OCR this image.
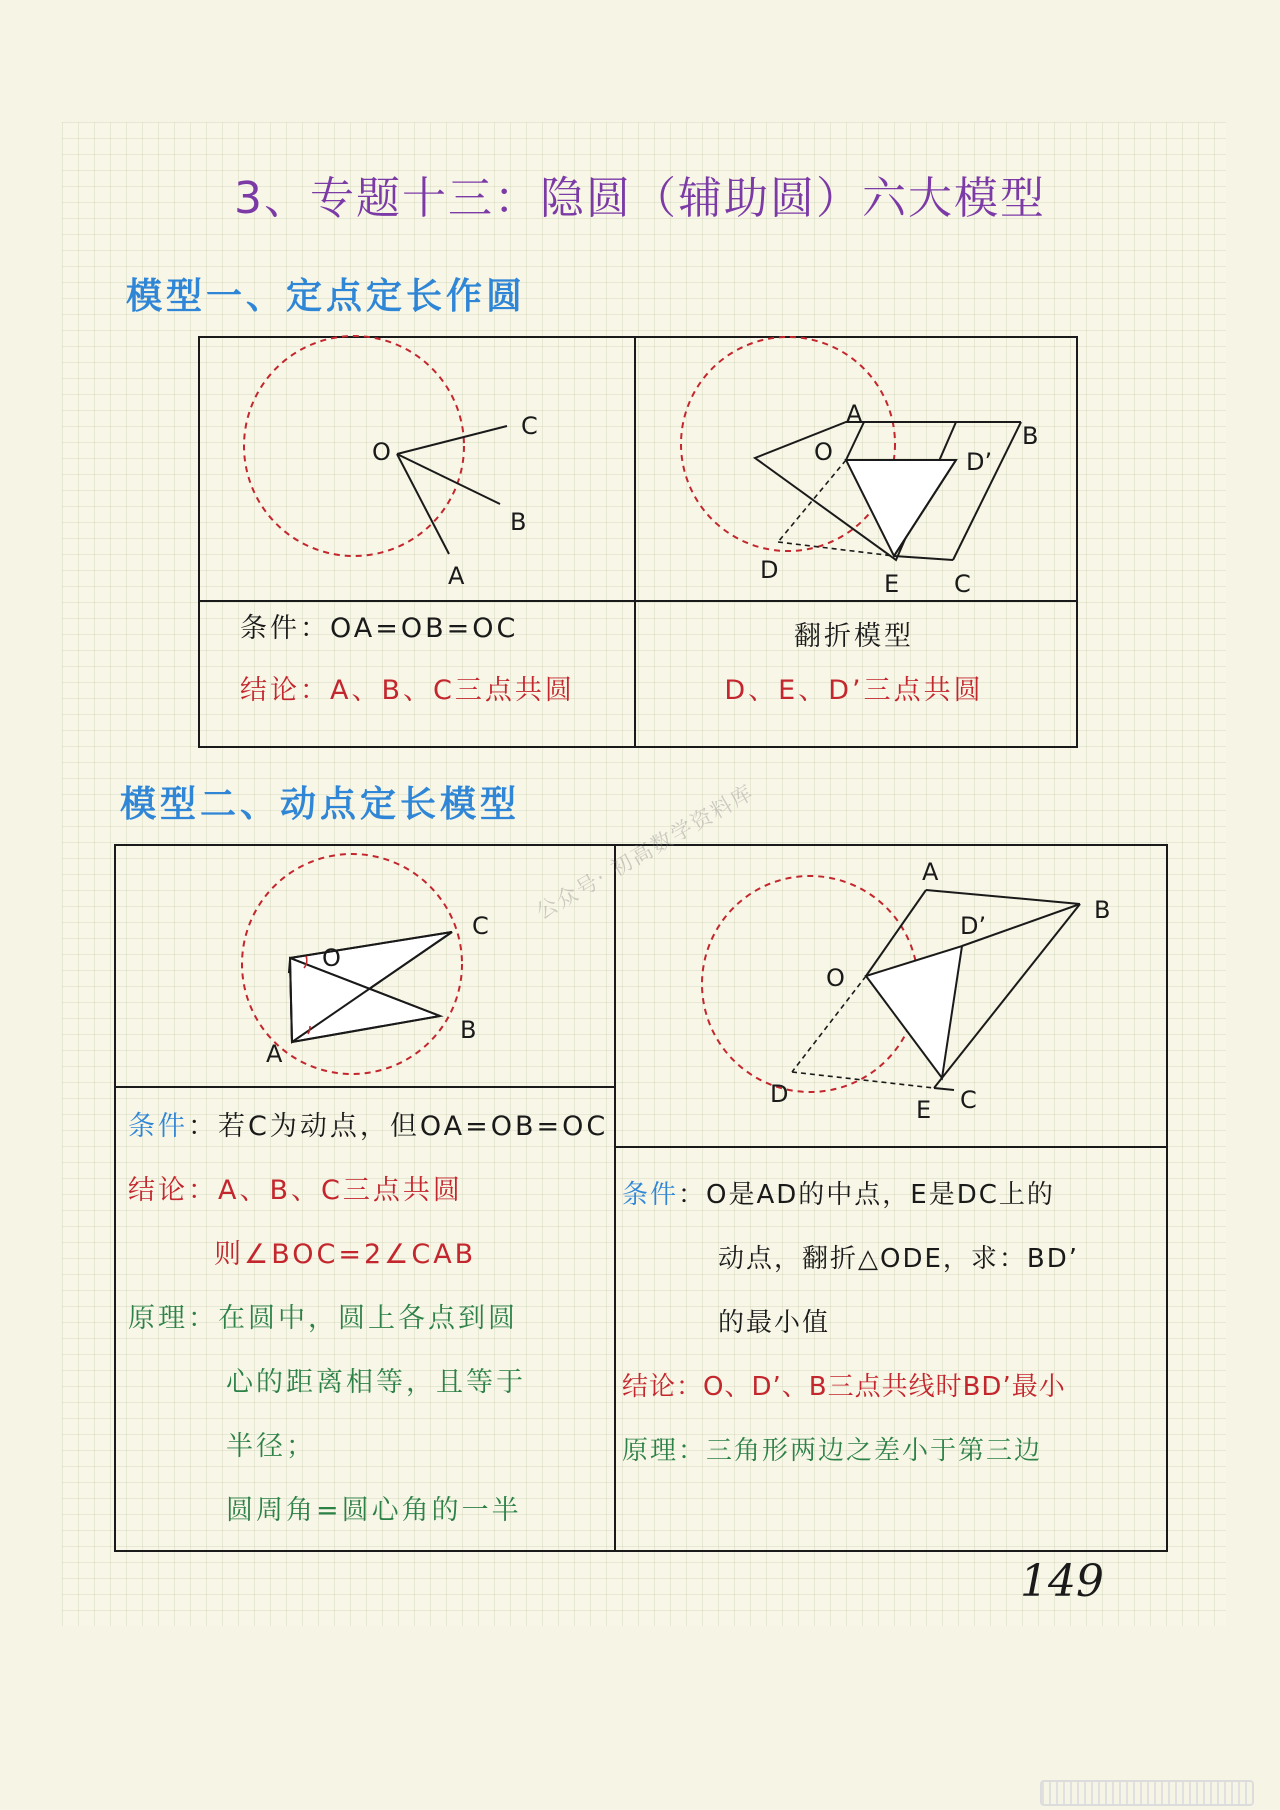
3、专题十三：隐圆（辅助圆）六大模型
模型一、定点定长作圆
O
C
B
A
A
B
O	D’
D	E C
条件：OA=OB=OC
结论：A、B、C三点共圆
翻折模型
D、E、D’三点共圆
模型二、动点定长模型
O
C
B
A
A
B
D’
O
D
E C
条件：若C为动点，但OA=OB=OC
结论：A、B、C三点共圆
则∠BOC=2∠CAB
原理：在圆中，圆上各点到圆
心的距离相等，且等于
半径；
圆周角=圆心角的一半
条件：O是AD的中点，E是DC上的
动点，翻折△ODE，求：BD’
的最小值
结论：O、D’、B三点共线时BD’最小
原理：三角形两边之差小于第三边
公众号· 初高数学资料库
149
